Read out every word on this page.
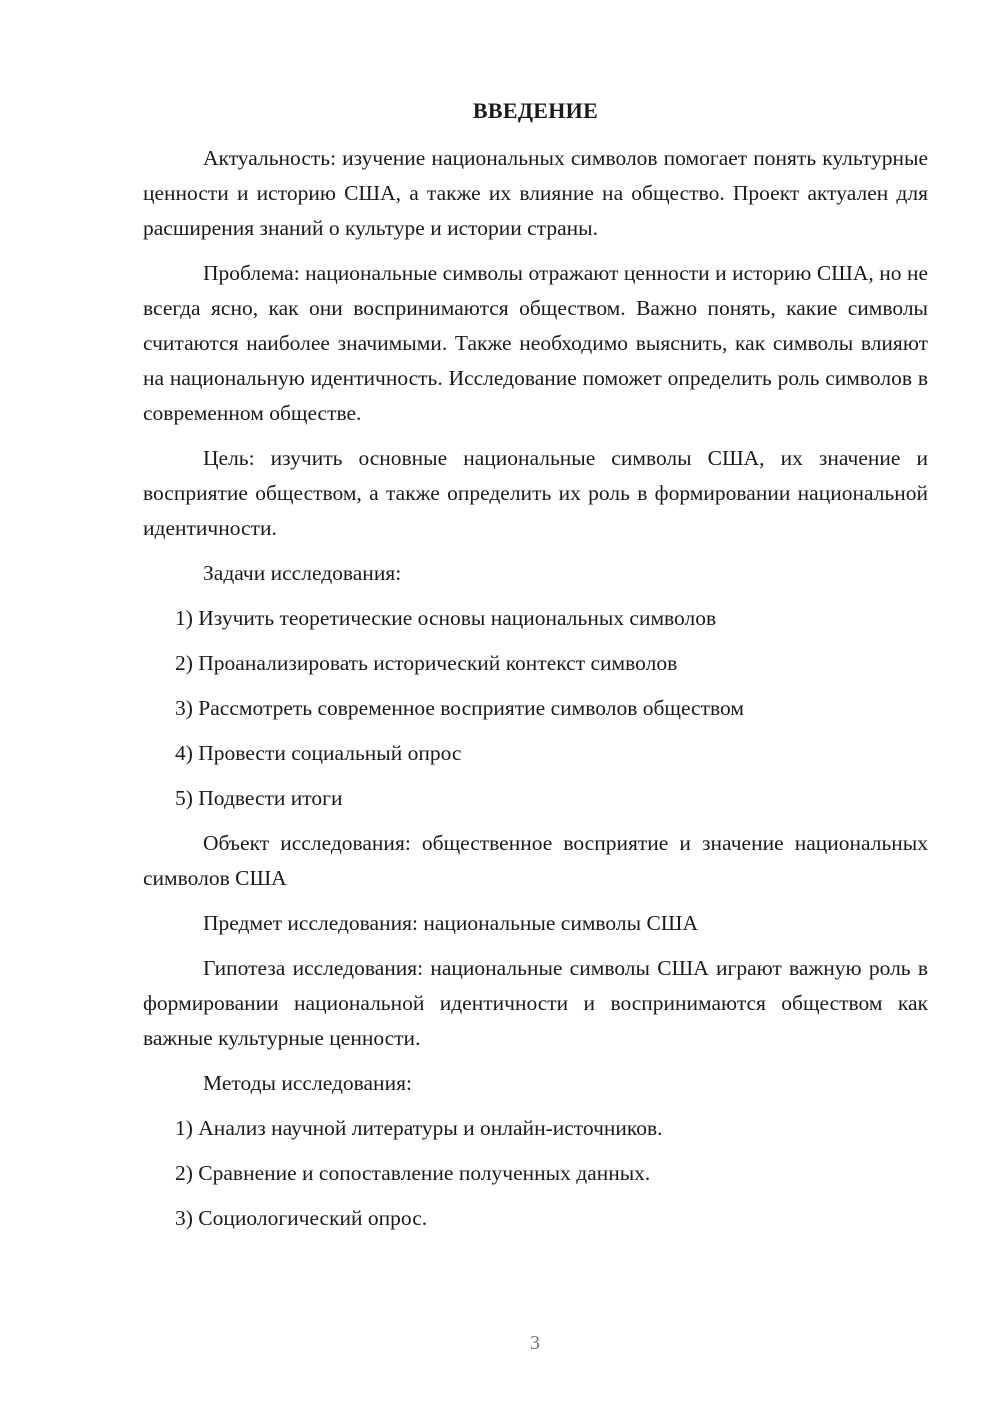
ВВЕДЕНИЕ

Актуальность: изучение национальных символов помогает понять культурные ценности и историю США, а также их влияние на общество. Проект актуален для расширения знаний о культуре и истории страны.

Проблема: национальные символы отражают ценности и историю США, но не всегда ясно, как они воспринимаются обществом. Важно понять, какие символы считаются наиболее значимыми. Также необходимо выяснить, как символы влияют на национальную идентичность. Исследование поможет определить роль символов в современном обществе.

Цель: изучить основные национальные символы США, их значение и восприятие обществом, а также определить их роль в формировании национальной идентичности.

Задачи исследования:

1) Изучить теоретические основы национальных символов

2) Проанализировать исторический контекст символов

3) Рассмотреть современное восприятие символов обществом

4) Провести социальный опрос

5) Подвести итоги

Объект исследования: общественное восприятие и значение национальных символов США

Предмет исследования: национальные символы США

Гипотеза исследования: национальные символы США играют важную роль в формировании национальной идентичности и воспринимаются обществом как важные культурные ценности.

Методы исследования:

1) Анализ научной литературы и онлайн-источников.

2) Сравнение и сопоставление полученных данных.

3) Социологический опрос.

3
